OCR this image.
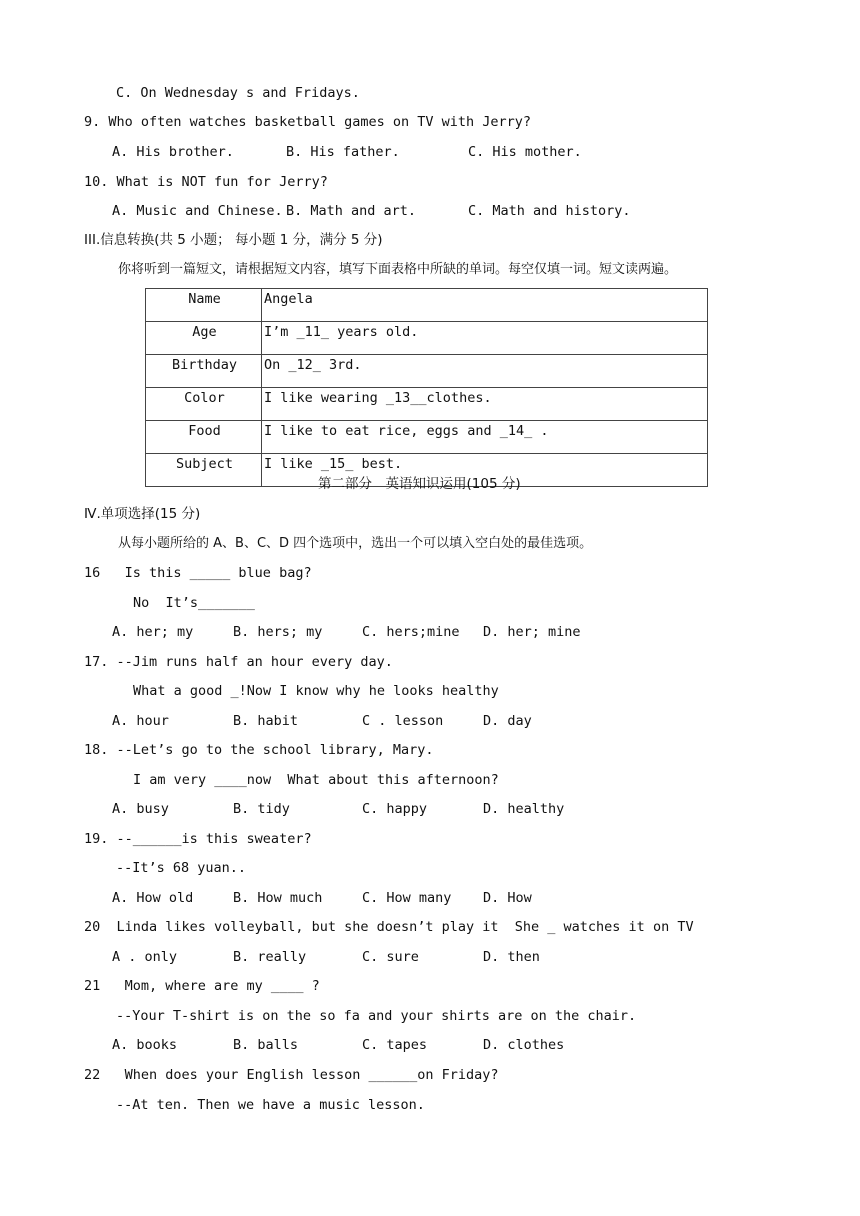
C. On Wednesday s and Fridays.
9. Who often watches basketball games on TV with Jerry?
A. His brother.	B. His father.	C. His mother.
10. What is NOT fun for Jerry?
A. Music and Chinese. B. Math and art.	C. Math and history.
III.信息转换(共 5 小题； 每小题 1 分，满分 5 分)
你将听到一篇短文，请根据短文内容，填写下面表格中所缺的单词。每空仅填一词。短文读两遍。
Name	Angela
Age	I’m _11_ years old.
Birthday	On _12_ 3rd.
Color	I like wearing _13__clothes.
Food	I like to eat rice, eggs and _14_ .
Subject	I like _15_ best.
第二部分　英语知识运用(105 分)
Ⅳ.单项选择(15 分)
从每小题所给的 A、B、C、D 四个选项中，选出一个可以填入空白处的最佳选项。
16   Is this _____ blue bag?
No  It’s_______
A. her; my	B. hers; my	C. hers;mine D. her; mine
17. --Jim runs half an hour every day.
What a good _!Now I know why he looks healthy
A. hour	B. habit	C . lesson	D. day
18. --Let’s go to the school library, Mary.
I am very ____now  What about this afternoon?
A. busy	B. tidy	C. happy	D. healthy
19. --______is this sweater?
--It’s 68 yuan..
A. How old	B. How much	C. How many D. How
20  Linda likes volleyball, but she doesn’t play it  She _ watches it on TV
A . only	B. really	C. sure	D. then
21   Mom, where are my ____ ?
--Your T-shirt is on the so fa and your shirts are on the chair.
A. books	B. balls	C. tapes	D. clothes
22   When does your English lesson ______on Friday?
--At ten. Then we have a music lesson.
